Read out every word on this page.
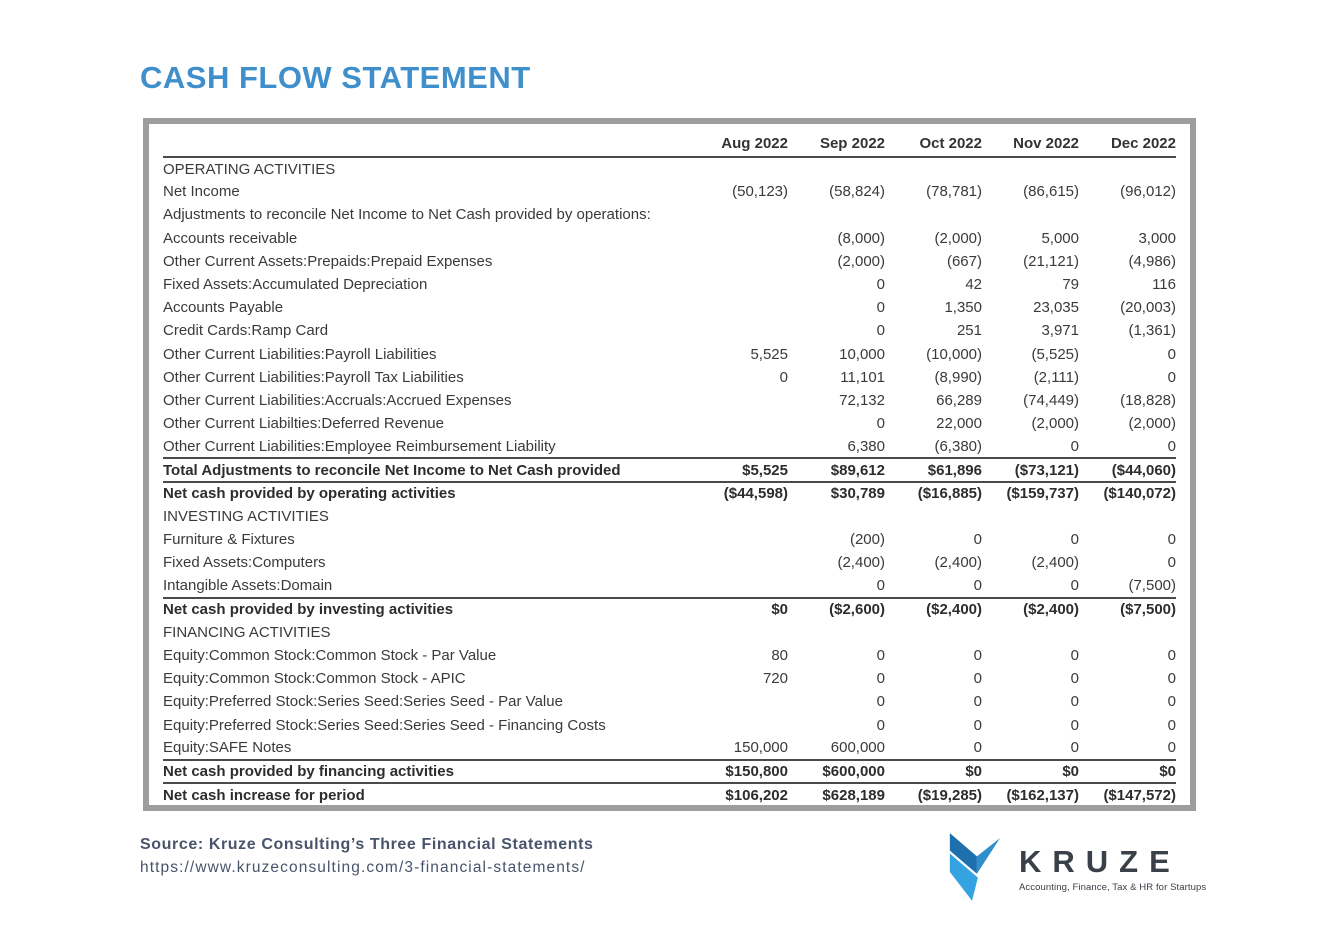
CASH FLOW STATEMENT
	Aug 2022	Sep 2022	Oct 2022	Nov 2022	Dec 2022
OPERATING ACTIVITIES					
Net Income	(50,123)	(58,824)	(78,781)	(86,615)	(96,012)
Adjustments to reconcile Net Income to Net Cash provided by operations:					
Accounts receivable		(8,000)	(2,000)	5,000	3,000
Other Current Assets:Prepaids:Prepaid Expenses		(2,000)	(667)	(21,121)	(4,986)
Fixed Assets:Accumulated Depreciation		0	42	79	116
Accounts Payable		0	1,350	23,035	(20,003)
Credit Cards:Ramp Card		0	251	3,971	(1,361)
Other Current Liabilities:Payroll Liabilities	5,525	10,000	(10,000)	(5,525)	0
Other Current Liabilities:Payroll Tax Liabilities	0	11,101	(8,990)	(2,111)	0
Other Current Liabilities:Accruals:Accrued Expenses		72,132	66,289	(74,449)	(18,828)
Other Current Liabilties:Deferred Revenue		0	22,000	(2,000)	(2,000)
Other Current Liabilities:Employee Reimbursement Liability		6,380	(6,380)	0	0
Total Adjustments to reconcile Net Income to Net Cash provided	$5,525	$89,612	$61,896	($73,121)	($44,060)
Net cash provided by operating activities	($44,598)	$30,789	($16,885)	($159,737)	($140,072)
INVESTING ACTIVITIES					
Furniture & Fixtures		(200)	0	0	0
Fixed Assets:Computers		(2,400)	(2,400)	(2,400)	0
Intangible Assets:Domain		0	0	0	(7,500)
Net cash provided by investing activities	$0	($2,600)	($2,400)	($2,400)	($7,500)
FINANCING ACTIVITIES					
Equity:Common Stock:Common Stock - Par Value	80	0	0	0	0
Equity:Common Stock:Common Stock - APIC	720	0	0	0	0
Equity:Preferred Stock:Series Seed:Series Seed - Par Value		0	0	0	0
Equity:Preferred Stock:Series Seed:Series Seed - Financing Costs		0	0	0	0
Equity:SAFE Notes	150,000	600,000	0	0	0
Net cash provided by financing activities	$150,800	$600,000	$0	$0	$0
Net cash increase for period	$106,202	$628,189	($19,285)	($162,137)	($147,572)
Source: Kruze Consulting’s Three Financial Statements
https://www.kruzeconsulting.com/3-financial-statements/	KRUZE
Accounting, Finance, Tax & HR for Startups
